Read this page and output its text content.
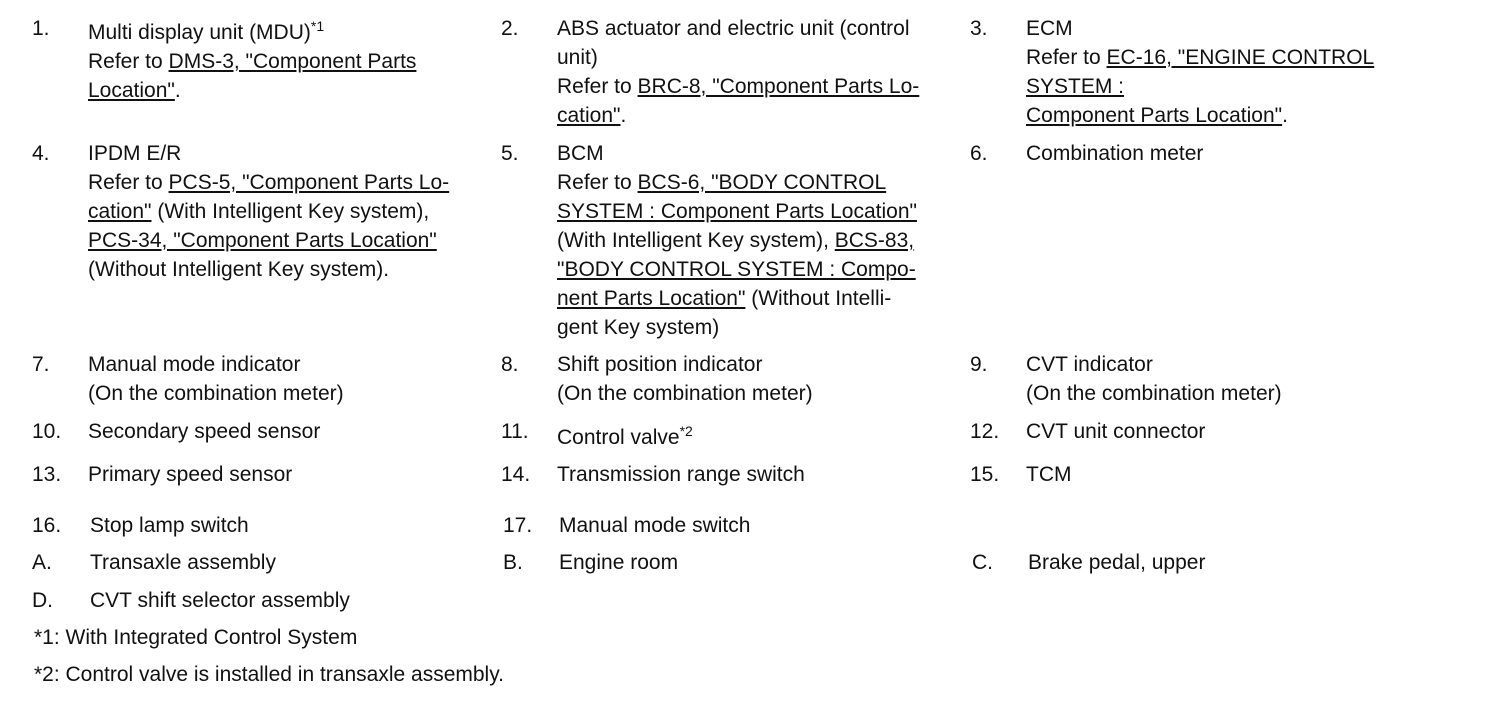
1. Multi display unit (MDU)$^{*1}$
Refer to DMS-3, "Component Parts
Location".
2. ABS actuator and electric unit (control
unit)
Refer to BRC-8, "Component Parts Lo-
cation".
3. ECM
Refer to EC-16, "ENGINE CONTROL
SYSTEM :
Component Parts Location".
4. IPDM E/R
Refer to PCS-5, "Component Parts Lo-
cation" (With Intelligent Key system),
PCS-34, "Component Parts Location"
(Without Intelligent Key system).
5. BCM
Refer to BCS-6, "BODY CONTROL
SYSTEM : Component Parts Location"
(With Intelligent Key system), BCS-83,
"BODY CONTROL SYSTEM : Compo-
nent Parts Location" (Without Intelli-
gent Key system)
6. Combination meter
7. Manual mode indicator
(On the combination meter)
8. Shift position indicator
(On the combination meter)
9. CVT indicator
(On the combination meter)
10. Secondary speed sensor	11. Control valve$^{*2}$	12. CVT unit connector
13. Primary speed sensor	14. Transmission range switch	15. TCM
16. Stop lamp switch	17. Manual mode switch
A. Transaxle assembly	B. Engine room	C. Brake pedal, upper
D. CVT shift selector assembly
*1: With Integrated Control System
*2: Control valve is installed in transaxle assembly.
